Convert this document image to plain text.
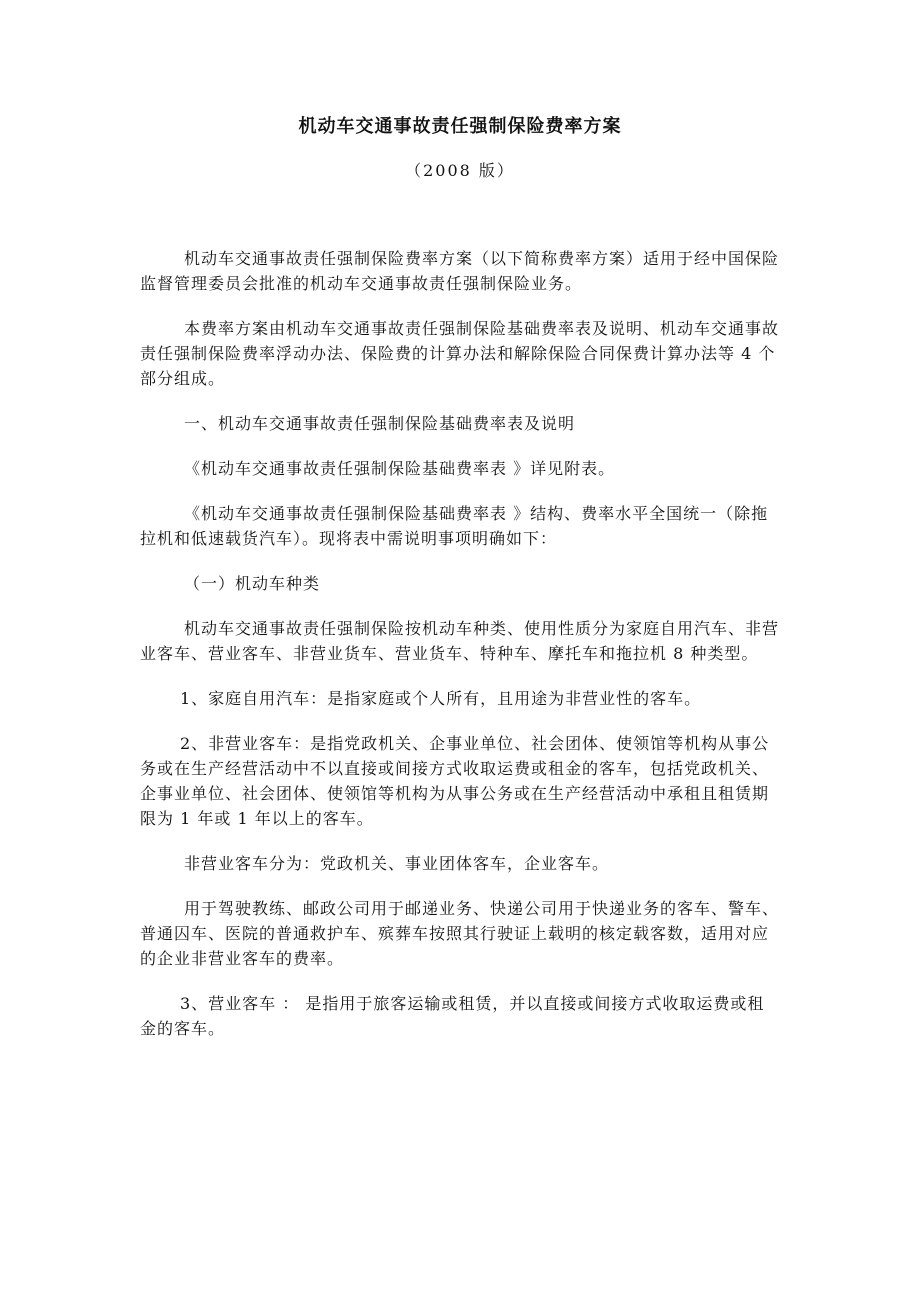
机动车交通事故责任强制保险费率方案
（2008 版）

机动车交通事故责任强制保险费率方案（以下简称费率方案）适用于经中国保险监督管理委员会批准的机动车交通事故责任强制保险业务。

本费率方案由机动车交通事故责任强制保险基础费率表及说明、机动车交通事故责任强制保险费率浮动办法、保险费的计算办法和解除保险合同保费计算办法等 4 个部分组成。

一、机动车交通事故责任强制保险基础费率表及说明

《机动车交通事故责任强制保险基础费率表 》详见附表。

《机动车交通事故责任强制保险基础费率表 》结构、费率水平全国统一（除拖拉机和低速载货汽车）。现将表中需说明事项明确如下：

（一）机动车种类

机动车交通事故责任强制保险按机动车种类、使用性质分为家庭自用汽车、非营业客车、营业客车、非营业货车、营业货车、特种车、摩托车和拖拉机 8 种类型。

1、家庭自用汽车：是指家庭或个人所有，且用途为非营业性的客车。

2、非营业客车：是指党政机关、企事业单位、社会团体、使领馆等机构从事公务或在生产经营活动中不以直接或间接方式收取运费或租金的客车，包括党政机关、企事业单位、社会团体、使领馆等机构为从事公务或在生产经营活动中承租且租赁期限为 1 年或 1 年以上的客车。

非营业客车分为：党政机关、事业团体客车，企业客车。

用于驾驶教练、邮政公司用于邮递业务、快递公司用于快递业务的客车、警车、普通囚车、医院的普通救护车、殡葬车按照其行驶证上载明的核定载客数，适用对应的企业非营业客车的费率。

3、营业客车 ： 是指用于旅客运输或租赁，并以直接或间接方式收取运费或租金的客车。
